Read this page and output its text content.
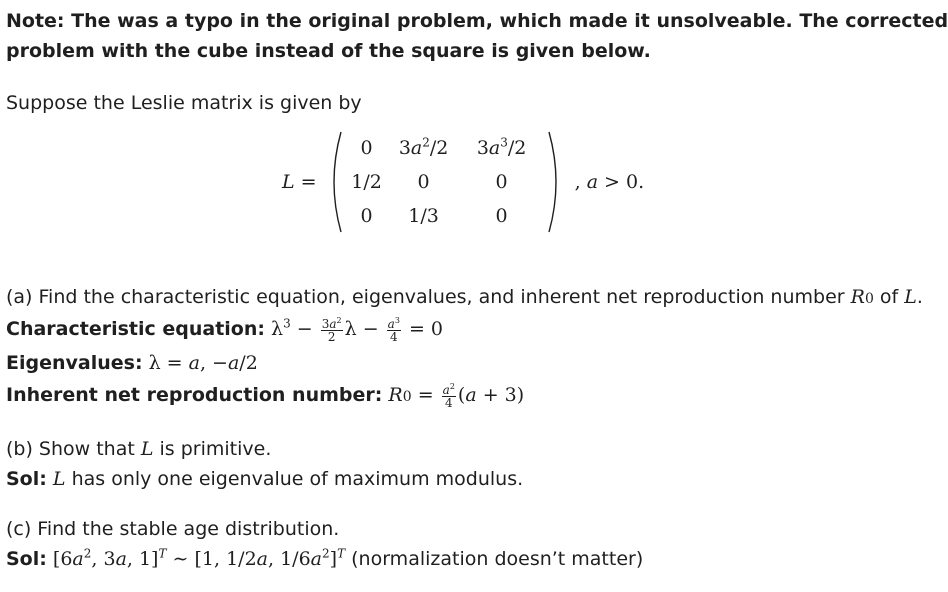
Note: The was a typo in the original problem, which made it unsolveable. The corrected
problem with the cube instead of the square is given below.
Suppose the Leslie matrix is given by
L =
0 $3a^2/2$ $3a^3/2$
1/2 0	0
0 1/3	0
, a > 0.
(a) Find the characteristic equation, eigenvalues, and inherent net reproduction number R0 of L.
Characteristic equation: $\lambda^3 - \frac{3a^2}{2}$ $\lambda - \frac{a^3}{4} = 0$
Eigenvalues: λ = a, −a/2
Inherent net reproduction number: $R0 = \frac{a^2}{4} (a + 3)$
(b) Show that L is primitive.
Sol: L has only one eigenvalue of maximum modulus.
(c) Find the stable age distribution.
Sol: [$6a^2$, 3a, 1]$^T$ ∼ [1, 1/2a, $1/6a^2]^T$ (normalization doesn’t matter)
